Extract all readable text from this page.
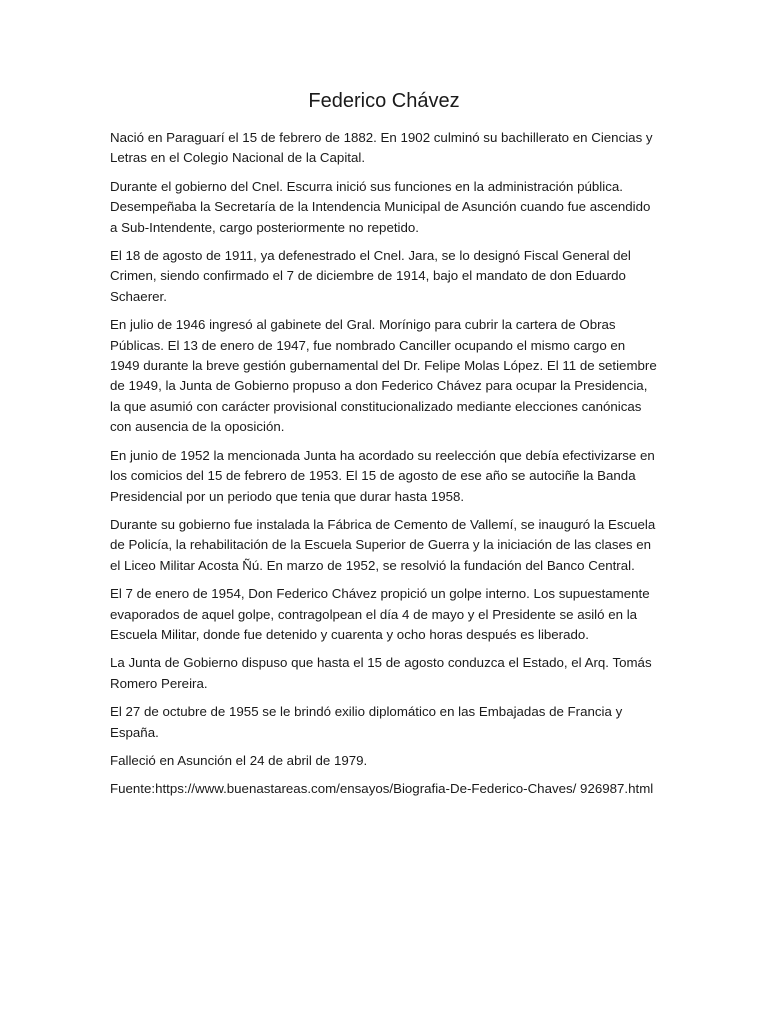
Federico Chávez

Nació en Paraguarí el 15 de febrero de 1882. En 1902 culminó su bachillerato en Ciencias y Letras en el Colegio Nacional de la Capital.

Durante el gobierno del Cnel. Escurra inició sus funciones en la administración pública. Desempeñaba la Secretaría de la Intendencia Municipal de Asunción cuando fue ascendido a Sub-Intendente, cargo posteriormente no repetido.

El 18 de agosto de 1911, ya defenestrado el Cnel. Jara, se lo designó Fiscal General del Crimen, siendo confirmado el 7 de diciembre de 1914, bajo el mandato de don Eduardo Schaerer.

En julio de 1946 ingresó al gabinete del Gral. Morínigo para cubrir la cartera de Obras Públicas. El 13 de enero de 1947, fue nombrado Canciller ocupando el mismo cargo en 1949 durante la breve gestión gubernamental del Dr. Felipe Molas López. El 11 de setiembre de 1949, la Junta de Gobierno propuso a don Federico Chávez para ocupar la Presidencia, la que asumió con carácter provisional constitucionalizado mediante elecciones canónicas con ausencia de la oposición.

En junio de 1952 la mencionada Junta ha acordado su reelección que debía efectivizarse en los comicios del 15 de febrero de 1953. El 15 de agosto de ese año se autociñe la Banda Presidencial por un periodo que tenia que durar hasta 1958.

Durante su gobierno fue instalada la Fábrica de Cemento de Vallemí, se inauguró la Escuela de Policía, la rehabilitación de la Escuela Superior de Guerra y la iniciación de las clases en el Liceo Militar Acosta Ñú. En marzo de 1952, se resolvió la fundación del Banco Central.

El 7 de enero de 1954, Don Federico Chávez propició un golpe interno. Los supuestamente evaporados de aquel golpe, contragolpean el día 4 de mayo y el Presidente se asiló en la Escuela Militar, donde fue detenido y cuarenta y ocho horas después es liberado.

La Junta de Gobierno dispuso que hasta el 15 de agosto conduzca el Estado, el Arq. Tomás Romero Pereira.

El 27 de octubre de 1955 se le brindó exilio diplomático en las Embajadas de Francia y España.

Falleció en Asunción el 24 de abril de 1979.

Fuente:https://www.buenastareas.com/ensayos/Biografia-De-Federico-Chaves/ 926987.html
